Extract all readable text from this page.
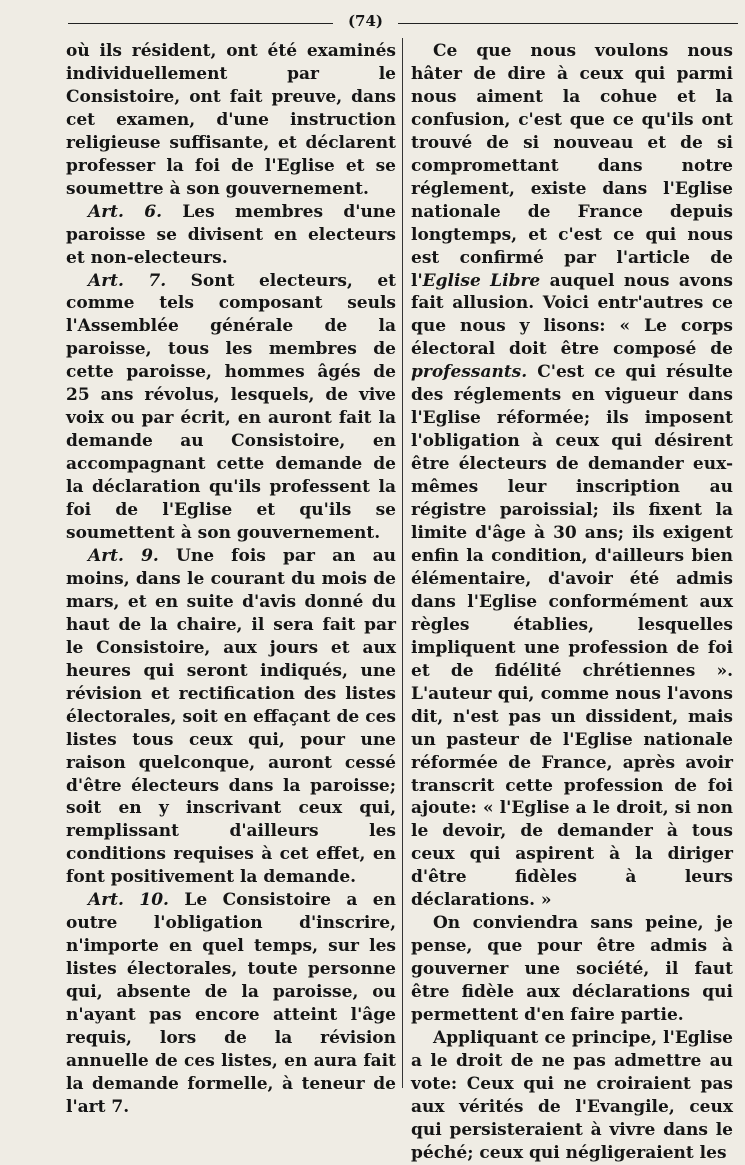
(74)

où ils résident, ont été examinés individuellement par le Consistoire, ont fait preuve, dans cet examen, d'une instruction religieuse suffisante, et déclarent professer la foi de l'Eglise et se soumettre à son gouvernement.

Art. 6. Les membres d'une paroisse se divisent en electeurs et non-electeurs.

Art. 7. Sont electeurs, et comme tels composant seuls l'Assemblée générale de la paroisse, tous les membres de cette paroisse, hommes âgés de 25 ans révolus, lesquels, de vive voix ou par écrit, en auront fait la demande au Consistoire, en accompagnant cette demande de la déclaration qu'ils professent la foi de l'Eglise et qu'ils se soumettent à son gouvernement.

Art. 9. Une fois par an au moins, dans le courant du mois de mars, et en suite d'avis donné du haut de la chaire, il sera fait par le Consistoire, aux jours et aux heures qui seront indiqués, une révision et rectification des listes électorales, soit en effaçant de ces listes tous ceux qui, pour une raison quelconque, auront cessé d'être électeurs dans la paroisse; soit en y inscrivant ceux qui, remplissant d'ailleurs les conditions requises à cet effet, en font positivement la demande.

Art. 10. Le Consistoire a en outre l'obligation d'inscrire, n'importe en quel temps, sur les listes électorales, toute personne qui, absente de la paroisse, ou n'ayant pas encore atteint l'âge requis, lors de la révision annuelle de ces listes, en aura fait la demande formelle, à teneur de l'art 7.

Ce que nous voulons nous hâter de dire à ceux qui parmi nous aiment la cohue et la confusion, c'est que ce qu'ils ont trouvé de si nouveau et de si compromettant dans notre réglement, existe dans l'Eglise nationale de France depuis longtemps, et c'est ce qui nous est confirmé par l'article de l'Eglise Libre auquel nous avons fait allusion. Voici entr'autres ce que nous y lisons: « Le corps électoral doit être composé de professants. C'est ce qui résulte des réglements en vigueur dans l'Eglise réformée; ils imposent l'obligation à ceux qui désirent être électeurs de demander eux-mêmes leur inscription au régistre paroissial; ils fixent la limite d'âge à 30 ans; ils exigent enfin la condition, d'ailleurs bien élémentaire, d'avoir été admis dans l'Eglise conformément aux règles établies, lesquelles impliquent une profession de foi et de fidélité chrétiennes ». L'auteur qui, comme nous l'avons dit, n'est pas un dissident, mais un pasteur de l'Eglise nationale réformée de France, après avoir transcrit cette profession de foi ajoute: « l'Eglise a le droit, si non le devoir, de demander à tous ceux qui aspirent à la diriger d'être fidèles à leurs déclarations. »

On conviendra sans peine, je pense, que pour être admis à gouverner une société, il faut être fidèle aux déclarations qui permettent d'en faire partie.

Appliquant ce principe, l'Eglise a le droit de ne pas admettre au vote: Ceux qui ne croiraient pas aux vérités de l'Evangile, ceux qui persisteraient à vivre dans le péché; ceux qui négligeraient les
